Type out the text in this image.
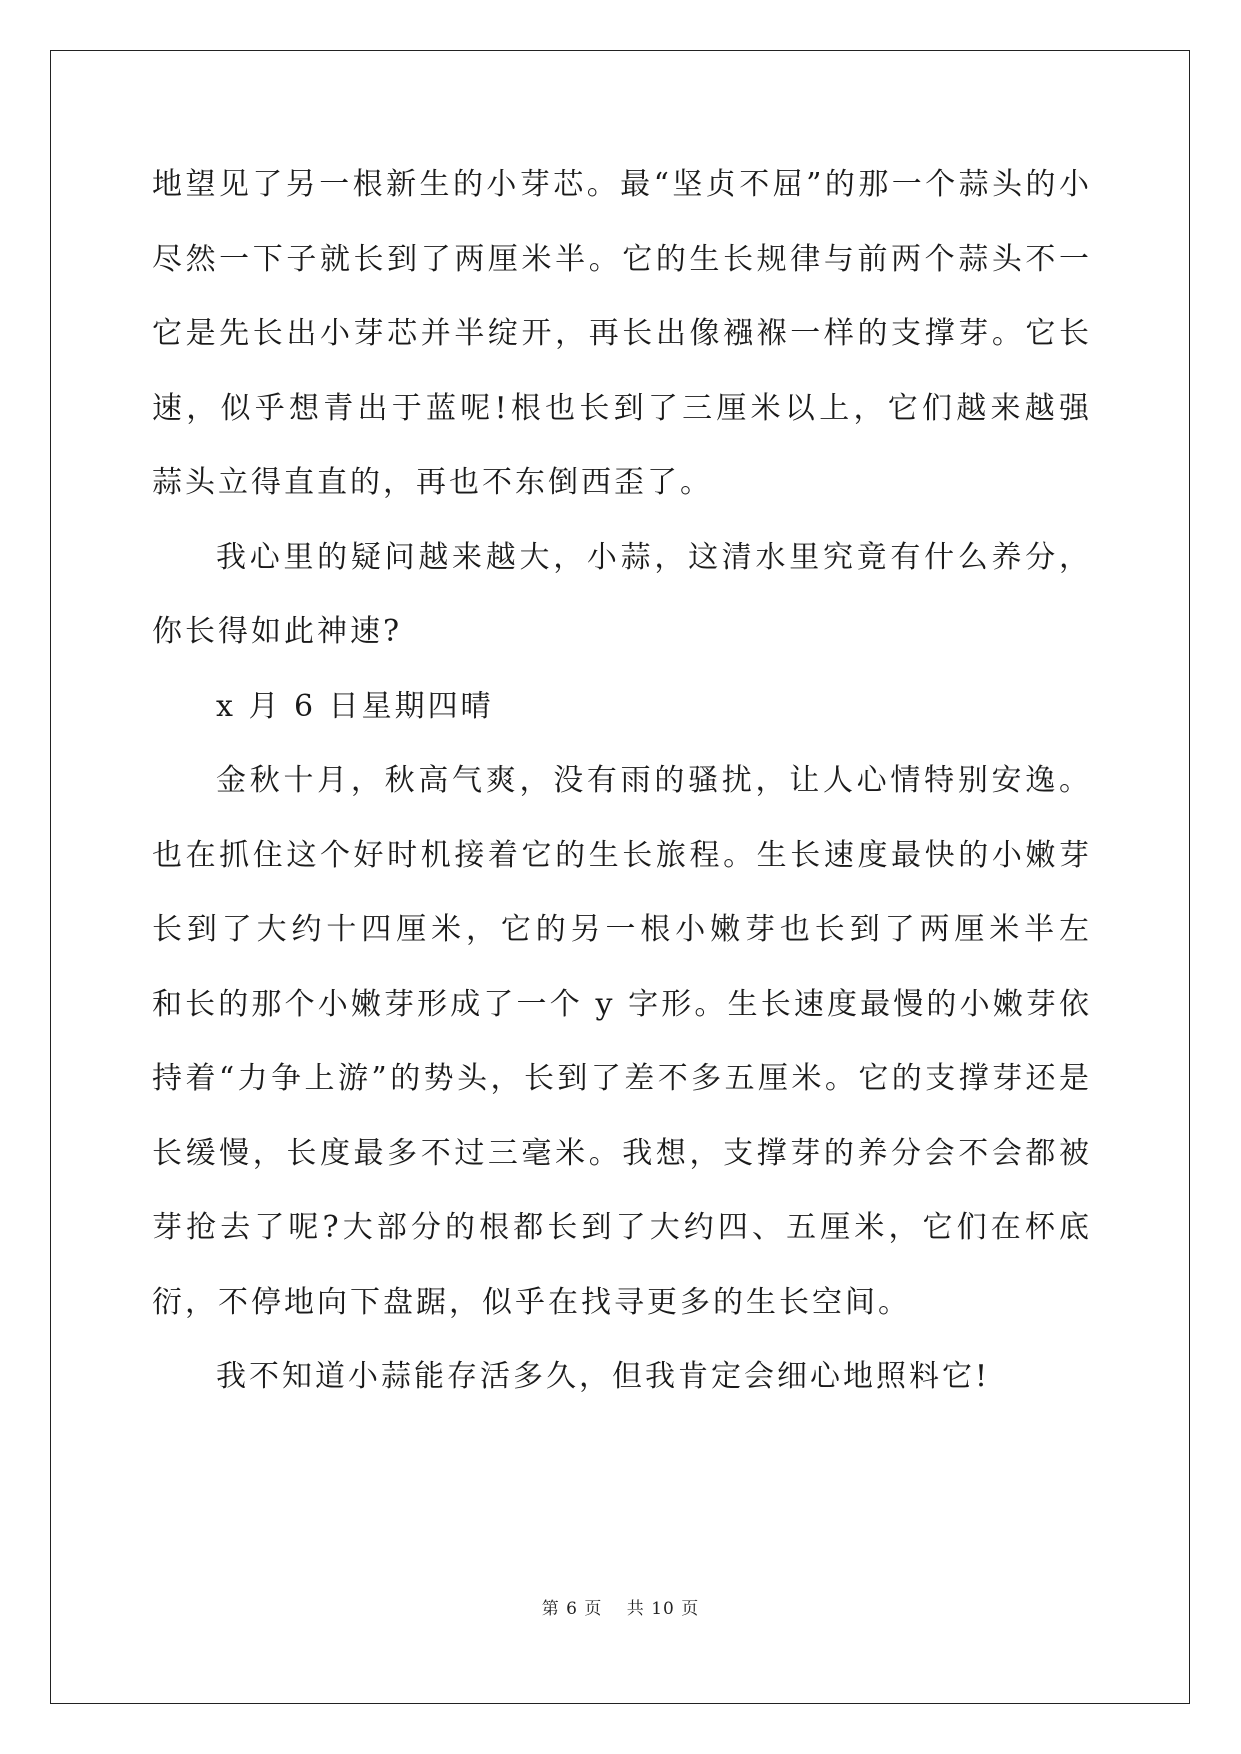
地望见了另一根新生的小芽芯。最“坚贞不屈”的那一个蒜头的小
尽然一下子就长到了两厘米半。它的生长规律与前两个蒜头不一
它是先长出小芽芯并半绽开，再长出像襁褓一样的支撑芽。它长
速，似乎想青出于蓝呢!根也长到了三厘米以上，它们越来越强
蒜头立得直直的，再也不东倒西歪了。
我心里的疑问越来越大，小蒜，这清水里究竟有什么养分，
你长得如此神速?
x 月 6 日星期四晴
金秋十月，秋高气爽，没有雨的骚扰，让人心情特别安逸。
也在抓住这个好时机接着它的生长旅程。生长速度最快的小嫩芽
长到了大约十四厘米，它的另一根小嫩芽也长到了两厘米半左
和长的那个小嫩芽形成了一个 y 字形。生长速度最慢的小嫩芽依
持着“力争上游”的势头，长到了差不多五厘米。它的支撑芽还是
长缓慢，长度最多不过三毫米。我想，支撑芽的养分会不会都被
芽抢去了呢?大部分的根都长到了大约四、五厘米，它们在杯底
衍，不停地向下盘踞，似乎在找寻更多的生长空间。
我不知道小蒜能存活多久，但我肯定会细心地照料它!
第 6 页　 共 10 页
